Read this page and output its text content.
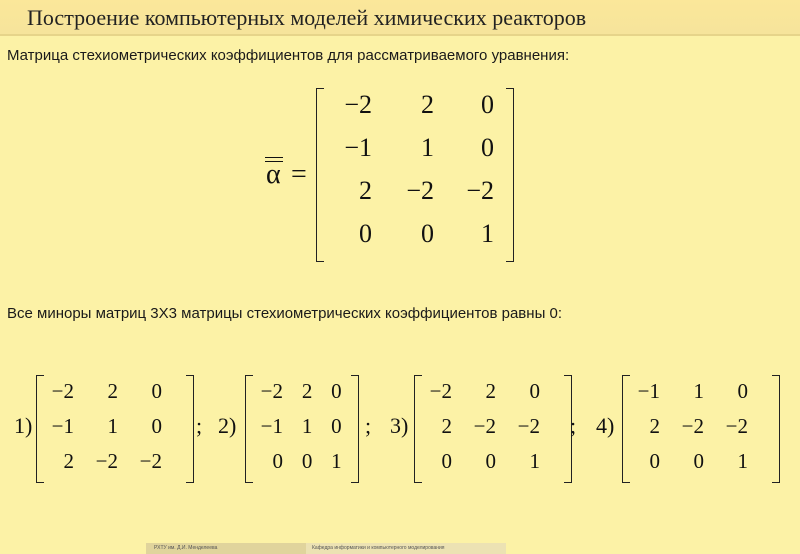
Построение компьютерных моделей химических реакторов
Матрица стехиометрических коэффициентов для рассматриваемого уравнения:
α =
−2	2	0
−1	1	0
2	−2	−2
0	0	1
Все миноры матриц 3Х3 матрицы стехиометрических коэффициентов равны 0:
1)
−2	2	0
−1	1	0
2	−2	−2
; 2)
−2 2 0
−1 1 0
0 0 1
; 3)
−2	2	0
2	−2	−2
0	0	1
; 4)
−1	1	0
2	−2	−2
0	0	1
РХТУ им. Д.И. Менделеева	Кафедра информатики и компьютерного моделирования
